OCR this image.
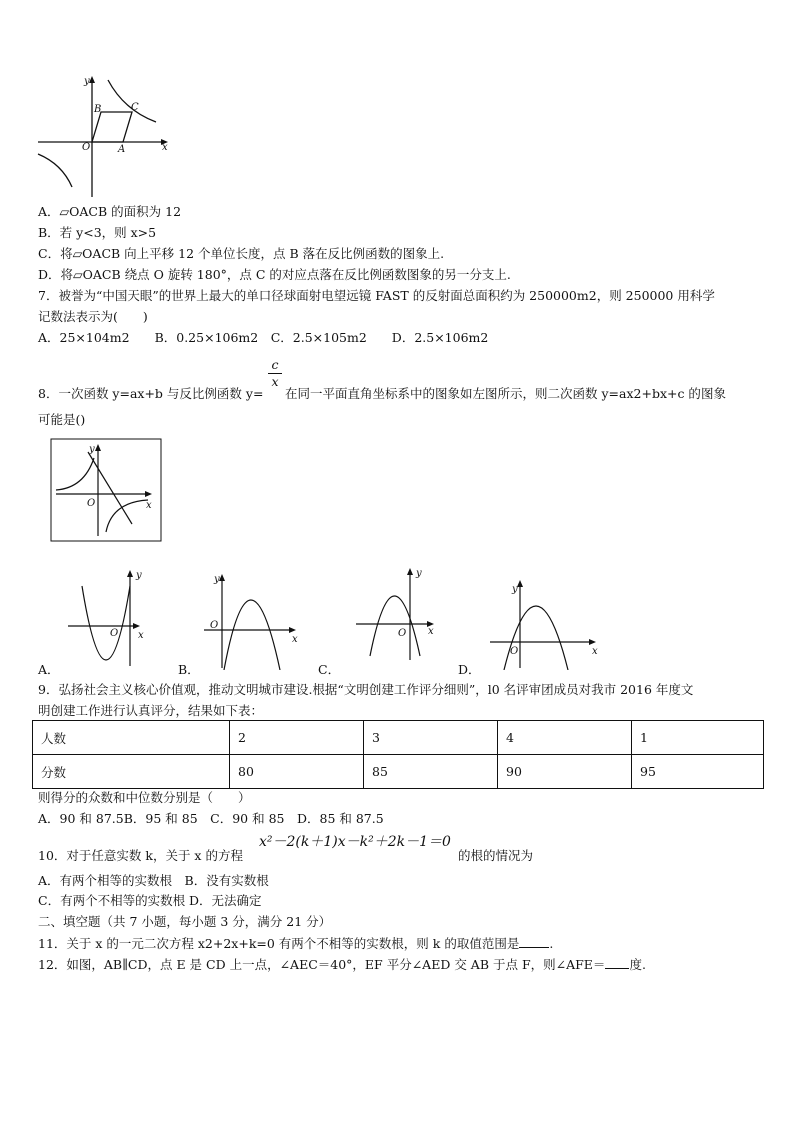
y
x
O	A
B	C
A．▱OACB 的面积为 12
B．若 y<3，则 x>5
C．将▱OACB 向上平移 12 个单位长度，点 B 落在反比例函数的图象上.
D．将▱OACB 绕点 O 旋转 180°，点 C 的对应点落在反比例函数图象的另一分支上.
7．被誉为“中国天眼”的世界上最大的单口径球面射电望远镜 FAST 的反射面总面积约为 250000m2，则 250000 用科学
记数法表示为(　　)
A．25×104m2　　B．0.25×106m2　C．2.5×105m2　　D．2.5×106m2
8．一次函数 y=ax+b 与反比例函数 y=
c
x
在同一平面直角坐标系中的图象如左图所示，则二次函数 y=ax2+bx+c 的图象
可能是()
y
x
O
y
x
O
A．
y
x
O
B．
y
x
O
C．
y
x
O
D．
9．弘扬社会主义核心价值观，推动文明城市建设.根据“文明创建工作评分细则”，l0 名评审团成员对我市 2016 年度文
明创建工作进行认真评分，结果如下表：
人数	2	3	4	1
分数	80	85	90	95
则得分的众数和中位数分别是（　　）
A．90 和 87.5B．95 和 85　C．90 和 85　D．85 和 87.5
10．对于任意实数 k，关于 x 的方程
x²－2(k＋1)x－k²＋2k－1＝0
的根的情况为
A．有两个相等的实数根　B．没有实数根
C．有两个不相等的实数根 D．无法确定
二、填空题（共 7 小题，每小题 3 分，满分 21 分）
11．关于 x 的一元二次方程 x2+2x+k=0 有两个不相等的实数根，则 k 的取值范围是 .
12．如图，AB∥CD，点 E 是 CD 上一点，∠AEC＝40°，EF 平分∠AED 交 AB 于点 F，则∠AFE＝ 度.
